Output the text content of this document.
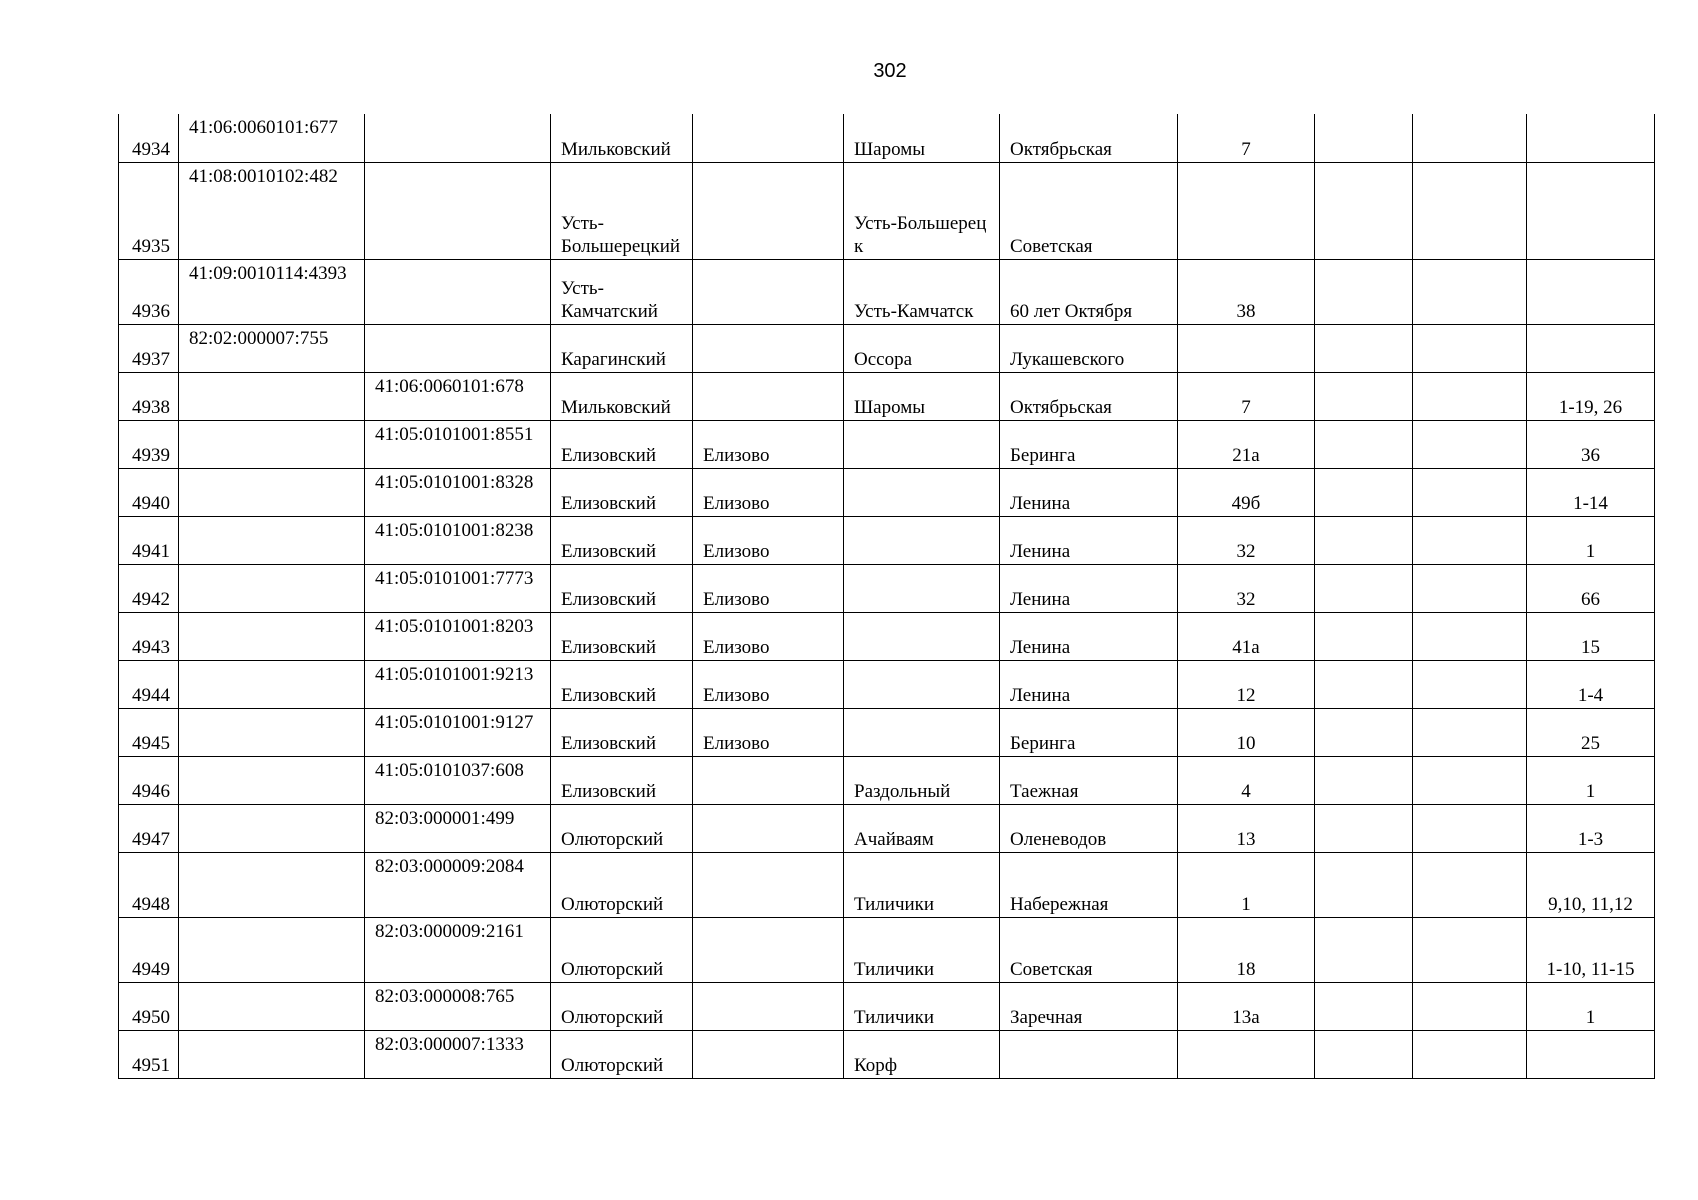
302
4934	41:06:0060101:677		Мильковский		Шаромы	Октябрьская	7			
4935	41:08:0010102:482		Усть-Большерецкий		Усть-Большерецк	Советская				
4936	41:09:0010114:4393		Усть-Камчатский		Усть-Камчатск	60 лет Октября	38			
4937	82:02:000007:755		Карагинский		Оссора	Лукашевского				
4938		41:06:0060101:678	Мильковский		Шаромы	Октябрьская	7			1-19, 26
4939		41:05:0101001:8551	Елизовский	Елизово		Беринга	21а			36
4940		41:05:0101001:8328	Елизовский	Елизово		Ленина	49б			1-14
4941		41:05:0101001:8238	Елизовский	Елизово		Ленина	32			1
4942		41:05:0101001:7773	Елизовский	Елизово		Ленина	32			66
4943		41:05:0101001:8203	Елизовский	Елизово		Ленина	41а			15
4944		41:05:0101001:9213	Елизовский	Елизово		Ленина	12			1-4
4945		41:05:0101001:9127	Елизовский	Елизово		Беринга	10			25
4946		41:05:0101037:608	Елизовский		Раздольный	Таежная	4			1
4947		82:03:000001:499	Олюторский		Ачайваям	Оленеводов	13			1-3
4948		82:03:000009:2084	Олюторский		Тиличики	Набережная	1			9,10, 11,12
4949		82:03:000009:2161	Олюторский		Тиличики	Советская	18			1-10, 11-15
4950		82:03:000008:765	Олюторский		Тиличики	Заречная	13а			1
4951		82:03:000007:1333	Олюторский		Корф					
